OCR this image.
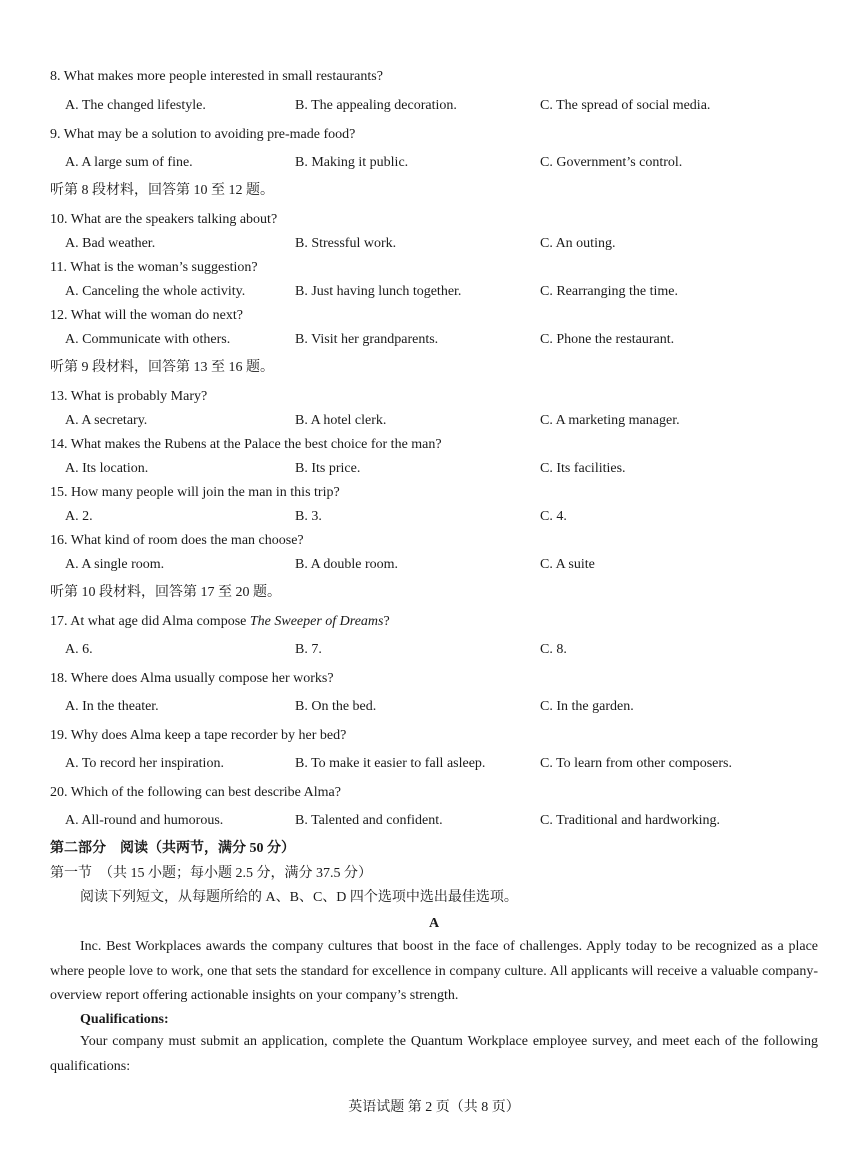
8. What makes more people interested in small restaurants?
A. The changed lifestyle.	B. The appealing decoration.	C. The spread of social media.
9. What may be a solution to avoiding pre-made food?
A. A large sum of fine.	B. Making it public.	C. Government’s control.
听第 8 段材料，回答第 10 至 12 题。
10. What are the speakers talking about?
A. Bad weather.	B. Stressful work.	C. An outing.
11. What is the woman’s suggestion?
A. Canceling the whole activity.	B. Just having lunch together.	C. Rearranging the time.
12. What will the woman do next?
A. Communicate with others.	B. Visit her grandparents.	C. Phone the restaurant.
听第 9 段材料，回答第 13 至 16 题。
13. What is probably Mary?
A. A secretary.	B. A hotel clerk.	C. A marketing manager.
14. What makes the Rubens at the Palace the best choice for the man?
A. Its location.	B. Its price.	C. Its facilities.
15. How many people will join the man in this trip?
A. 2.	B. 3.	C. 4.
16. What kind of room does the man choose?
A. A single room.	B. A double room.	C. A suite
听第 10 段材料，回答第 17 至 20 题。
17. At what age did Alma compose The Sweeper of Dreams?
A. 6.	B. 7.	C. 8.
18. Where does Alma usually compose her works?
A. In the theater.	B. On the bed.	C. In the garden.
19. Why does Alma keep a tape recorder by her bed?
A. To record her inspiration.	B. To make it easier to fall asleep.	C. To learn from other composers.
20. Which of the following can best describe Alma?
A. All-round and humorous.	B. Talented and confident.	C. Traditional and hardworking.
第二部分　阅读（共两节，满分 50 分）
第一节　（共 15 小题；每小题 2.5 分，满分 37.5 分）
阅读下列短文，从每题所给的 A、B、C、D 四个选项中选出最佳选项。
A
Inc. Best Workplaces awards the company cultures that boost in the face of challenges. Apply today to be recognized as a place where people love to work, one that sets the standard for excellence in company culture. All applicants will receive a valuable company-overview report offering actionable insights on your company’s strength.
Qualifications:
Your company must submit an application, complete the Quantum Workplace employee survey, and meet each of the following qualifications:
英语试题 第 2 页（共 8 页）
